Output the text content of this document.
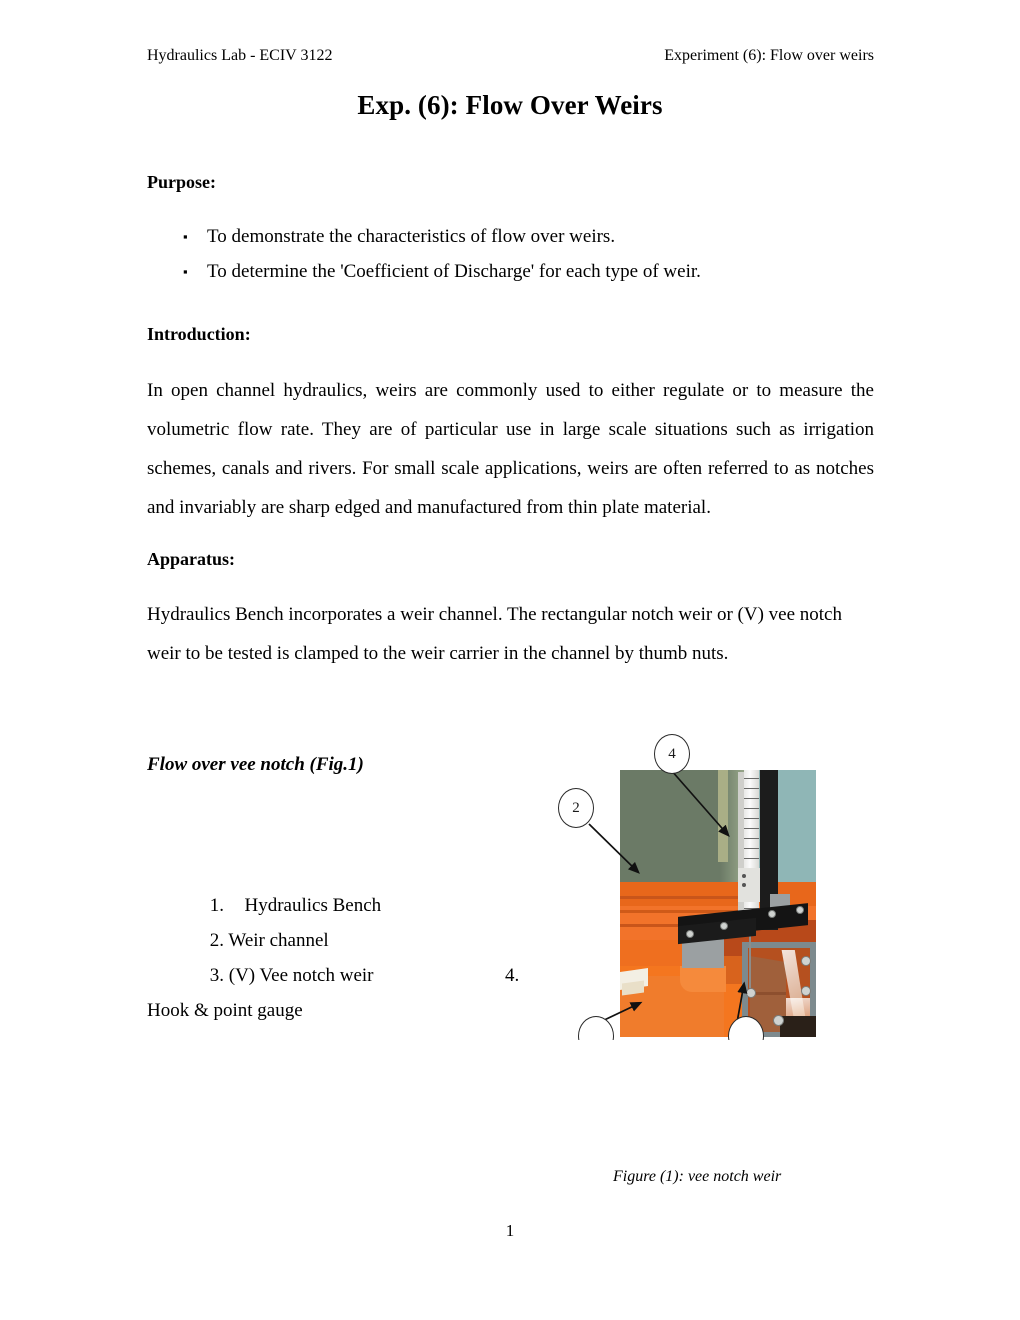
Hydraulics Lab - ECIV 3122	Experiment (6): Flow over weirs
Exp. (6): Flow Over Weirs
Purpose:
▪ To demonstrate the characteristics of flow over weirs.
▪ To determine the 'Coefficient of Discharge' for each type of weir.
Introduction:
In open channel hydraulics, weirs are commonly used to either regulate or to measure the volumetric flow rate. They are of particular use in large scale situations such as irrigation schemes, canals and rivers. For small scale applications, weirs are often referred to as notches and invariably are sharp edged and manufactured from thin plate material.
Apparatus:
Hydraulics Bench incorporates a weir channel. The rectangular notch weir or (V) vee notch weir to be tested is clamped to the weir carrier in the channel by thumb nuts.
Flow over vee notch (Fig.1)
1. Hydraulics Bench
2. Weir channel
3. (V) Vee notch weir	4.
Hook & point gauge
4
2
Figure (1): vee notch weir
1
